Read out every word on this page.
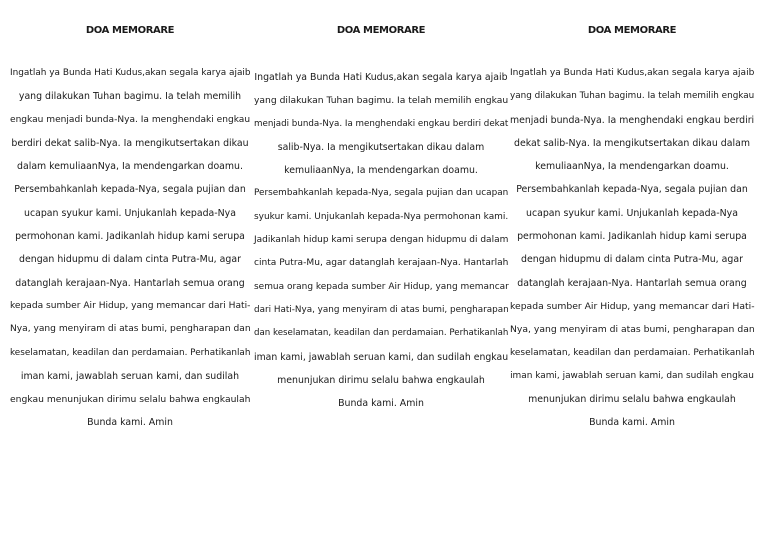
DOA MEMORARE
Ingatlah ya Bunda Hati Kudus,akan segala karya ajaib
yang dilakukan Tuhan bagimu. Ia telah memilih
engkau menjadi bunda-Nya. Ia menghendaki engkau
berdiri dekat salib-Nya. Ia mengikutsertakan dikau
dalam kemuliaanNya, Ia mendengarkan doamu.
Persembahkanlah kepada-Nya, segala pujian dan
ucapan syukur kami. Unjukanlah kepada-Nya
permohonan kami. Jadikanlah hidup kami serupa
dengan hidupmu di dalam cinta Putra-Mu, agar
datanglah kerajaan-Nya. Hantarlah semua orang
kepada sumber Air Hidup, yang memancar dari Hati-
Nya, yang menyiram di atas bumi, pengharapan dan
keselamatan, keadilan dan perdamaian. Perhatikanlah
iman kami, jawablah seruan kami, dan sudilah
engkau menunjukan dirimu selalu bahwa engkaulah
Bunda kami. Amin
DOA MEMORARE
Ingatlah ya Bunda Hati Kudus,akan segala karya ajaib
yang dilakukan Tuhan bagimu. Ia telah memilih engkau
menjadi bunda-Nya. Ia menghendaki engkau berdiri dekat
salib-Nya. Ia mengikutsertakan dikau dalam
kemuliaanNya, Ia mendengarkan doamu.
Persembahkanlah kepada-Nya, segala pujian dan ucapan
syukur kami. Unjukanlah kepada-Nya permohonan kami.
Jadikanlah hidup kami serupa dengan hidupmu di dalam
cinta Putra-Mu, agar datanglah kerajaan-Nya. Hantarlah
semua orang kepada sumber Air Hidup, yang memancar
dari Hati-Nya, yang menyiram di atas bumi, pengharapan
dan keselamatan, keadilan dan perdamaian. Perhatikanlah
iman kami, jawablah seruan kami, dan sudilah engkau
menunjukan dirimu selalu bahwa engkaulah
Bunda kami. Amin
DOA MEMORARE
Ingatlah ya Bunda Hati Kudus,akan segala karya ajaib
yang dilakukan Tuhan bagimu. Ia telah memilih engkau
menjadi bunda-Nya. Ia menghendaki engkau berdiri
dekat salib-Nya. Ia mengikutsertakan dikau dalam
kemuliaanNya, Ia mendengarkan doamu.
Persembahkanlah kepada-Nya, segala pujian dan
ucapan syukur kami. Unjukanlah kepada-Nya
permohonan kami. Jadikanlah hidup kami serupa
dengan hidupmu di dalam cinta Putra-Mu, agar
datanglah kerajaan-Nya. Hantarlah semua orang
kepada sumber Air Hidup, yang memancar dari Hati-
Nya, yang menyiram di atas bumi, pengharapan dan
keselamatan, keadilan dan perdamaian. Perhatikanlah
iman kami, jawablah seruan kami, dan sudilah engkau
menunjukan dirimu selalu bahwa engkaulah
Bunda kami. Amin
